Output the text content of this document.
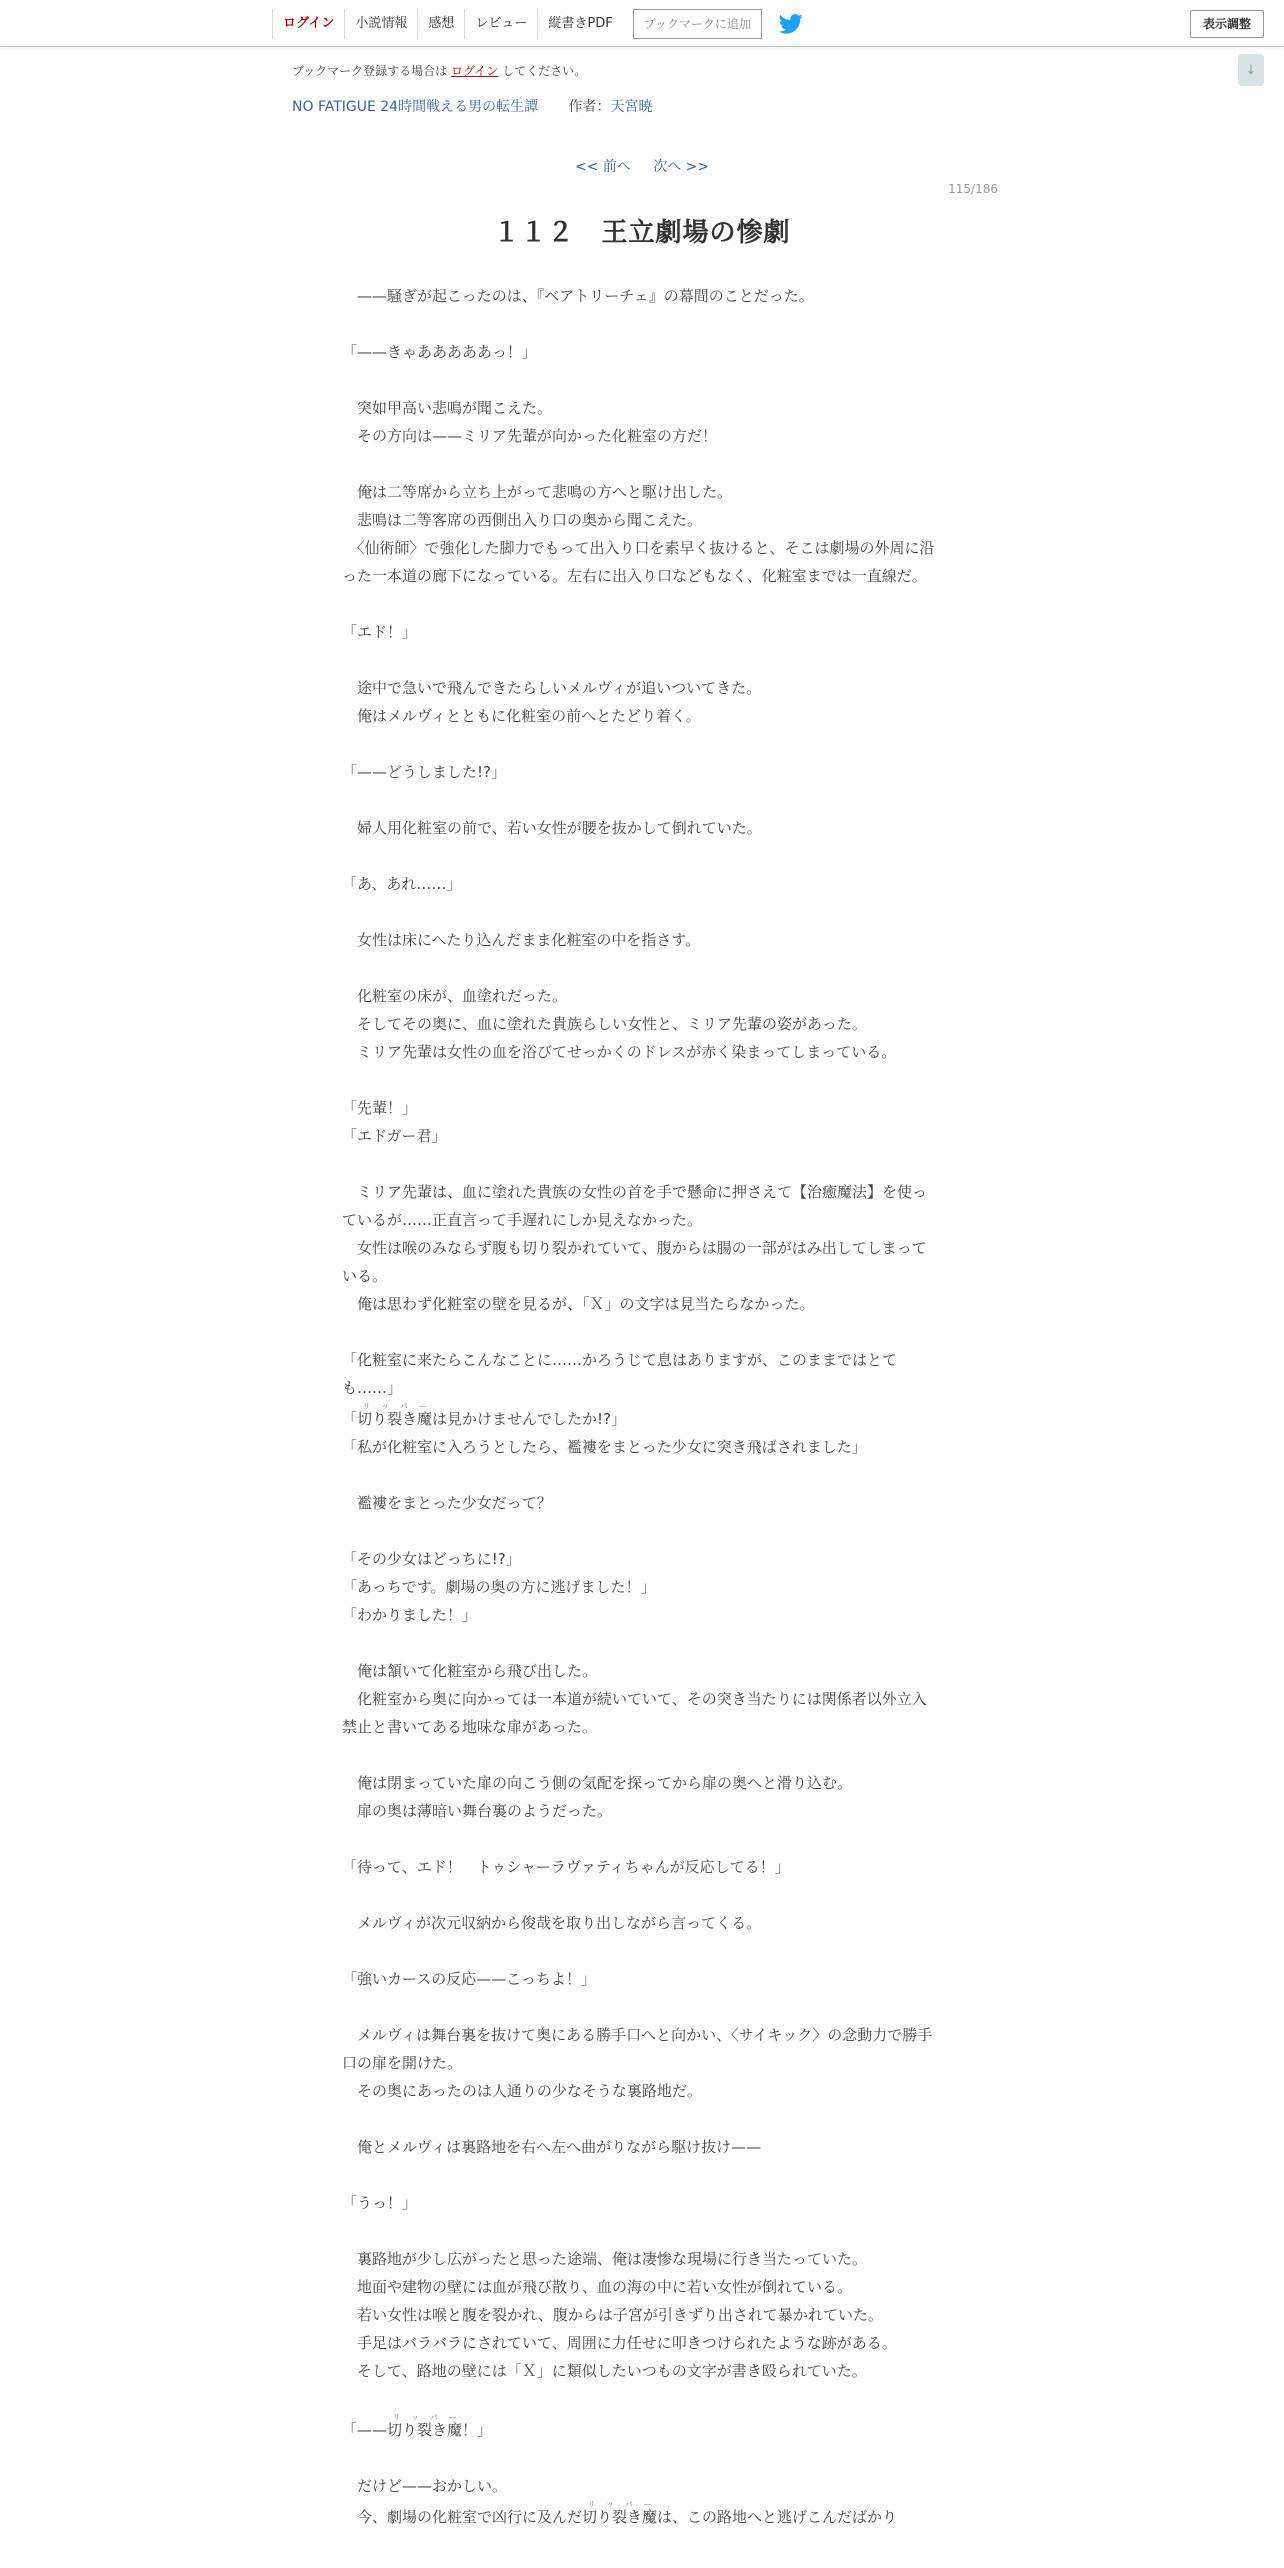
ログイン	小説情報	感想	レビュー	縦書きPDF	ブックマークに追加	表示調整
↓
ブックマーク登録する場合は ログイン してください。
NO FATIGUE 24時間戦える男の転生譚 作者：天宮暁
<< 前へ 次へ >>
115/186
１１２　王立劇場の惨劇

　——騒ぎが起こったのは、『ベアトリーチェ』の幕間のことだった。

「——きゃあああああっ！」

　突如甲高い悲鳴が聞こえた。

　その方向は——ミリア先輩が向かった化粧室の方だ！

　俺は二等席から立ち上がって悲鳴の方へと駆け出した。

　悲鳴は二等客席の西側出入り口の奥から聞こえた。

　〈仙術師〉で強化した脚力でもって出入り口を素早く抜けると、そこは劇場の外周に沿った一本道の廊下になっている。左右に出入り口などもなく、化粧室までは一直線だ。

「エド！」

　途中で急いで飛んできたらしいメルヴィが追いついてきた。

　俺はメルヴィとともに化粧室の前へとたどり着く。

「——どうしました!?」

　婦人用化粧室の前で、若い女性が腰を抜かして倒れていた。

「あ、あれ……」

　女性は床にへたり込んだまま化粧室の中を指さす。

　化粧室の床が、血塗れだった。

　そしてその奥に、血に塗れた貴族らしい女性と、ミリア先輩の姿があった。

　ミリア先輩は女性の血を浴びてせっかくのドレスが赤く染まってしまっている。

「先輩！」

「エドガー君」

　ミリア先輩は、血に塗れた貴族の女性の首を手で懸命に押さえて【治癒魔法】を使っているが……正直言って手遅れにしか見えなかった。

　女性は喉のみならず腹も切り裂かれていて、腹からは腸の一部がはみ出してしまっている。

　俺は思わず化粧室の壁を見るが、「Ｘ」の文字は見当たらなかった。

「化粧室に来たらこんなことに……かろうじて息はありますが、このままではとても……」

「切り裂き魔リッパーは見かけませんでしたか!?」

「私が化粧室に入ろうとしたら、襤褸をまとった少女に突き飛ばされました」

　襤褸をまとった少女だって？

「その少女はどっちに!?」

「あっちです。劇場の奥の方に逃げました！」

「わかりました！」

　俺は頷いて化粧室から飛び出した。

　化粧室から奥に向かっては一本道が続いていて、その突き当たりには関係者以外立入禁止と書いてある地味な扉があった。

　俺は閉まっていた扉の向こう側の気配を探ってから扉の奥へと滑り込む。

　扉の奥は薄暗い舞台裏のようだった。

「待って、エド！　トゥシャーラヴァティちゃんが反応してる！」

　メルヴィが次元収納から俊哉を取り出しながら言ってくる。

「強いカースの反応——こっちよ！」

　メルヴィは舞台裏を抜けて奥にある勝手口へと向かい、〈サイキック〉の念動力で勝手口の扉を開けた。

　その奥にあったのは人通りの少なそうな裏路地だ。

　俺とメルヴィは裏路地を右へ左へ曲がりながら駆け抜け——

「うっ！」

　裏路地が少し広がったと思った途端、俺は凄惨な現場に行き当たっていた。

　地面や建物の壁には血が飛び散り、血の海の中に若い女性が倒れている。

　若い女性は喉と腹を裂かれ、腹からは子宮が引きずり出されて暴かれていた。

　手足はバラバラにされていて、周囲に力任せに叩きつけられたような跡がある。

　そして、路地の壁には「Ｘ」に類似したいつもの文字が書き殴られていた。

「——切り裂き魔リッパー！」

　だけど——おかしい。

　今、劇場の化粧室で凶行に及んだ切り裂き魔リッパーは、この路地へと逃げこんだばかり
